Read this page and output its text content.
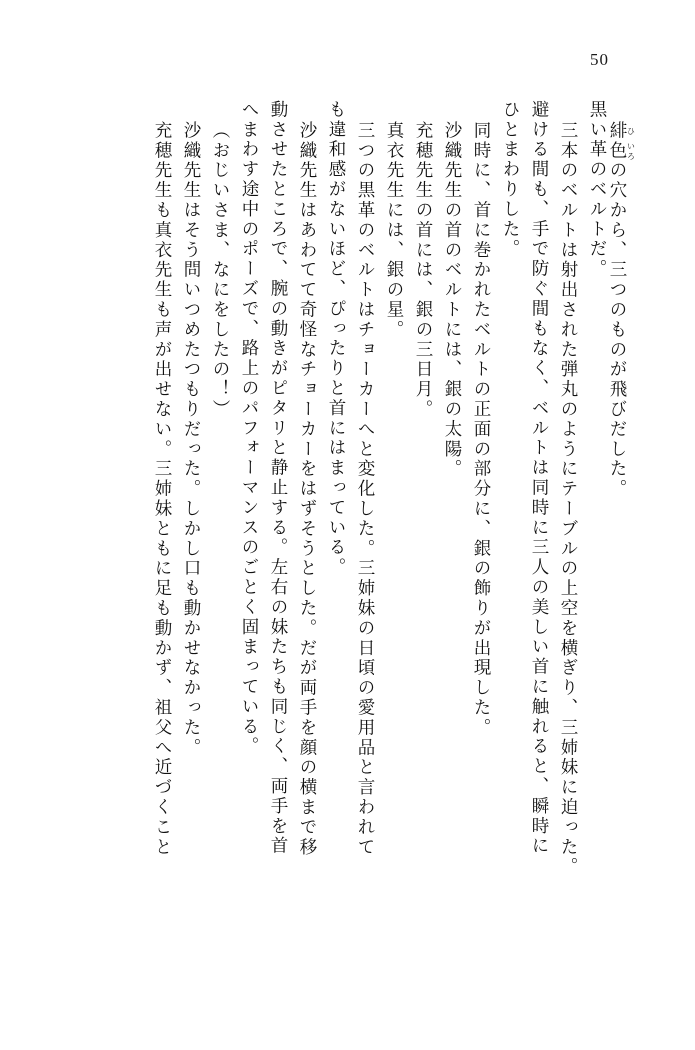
50
緋ひ色いろの穴から、三つのものが飛びだした。
黒い革のベルトだ。
三本のベルトは射出された弾丸のようにテーブルの上空を横ぎり、三姉妹に迫った。
避ける間も、手で防ぐ間もなく、ベルトは同時に三人の美しい首に触れると、瞬時に
ひとまわりした。
同時に、首に巻かれたベルトの正面の部分に、銀の飾りが出現した。
沙織先生の首のベルトには、銀の太陽。
充穂先生の首には、銀の三日月。
真衣先生には、銀の星。
三つの黒革のベルトはチョーカーへと変化した。三姉妹の日頃の愛用品と言われて
も違和感がないほど、ぴったりと首にはまっている。
沙織先生はあわてて奇怪なチョーカーをはずそうとした。だが両手を顔の横まで移
動させたところで、腕の動きがピタリと静止する。左右の妹たちも同じく、両手を首
へまわす途中のポーズで、路上のパフォーマンスのごとく固まっている。
（おじいさま、なにをしたの！）
沙織先生はそう問いつめたつもりだった。しかし口も動かせなかった。
充穂先生も真衣先生も声が出せない。三姉妹ともに足も動かず、祖父へ近づくこと
